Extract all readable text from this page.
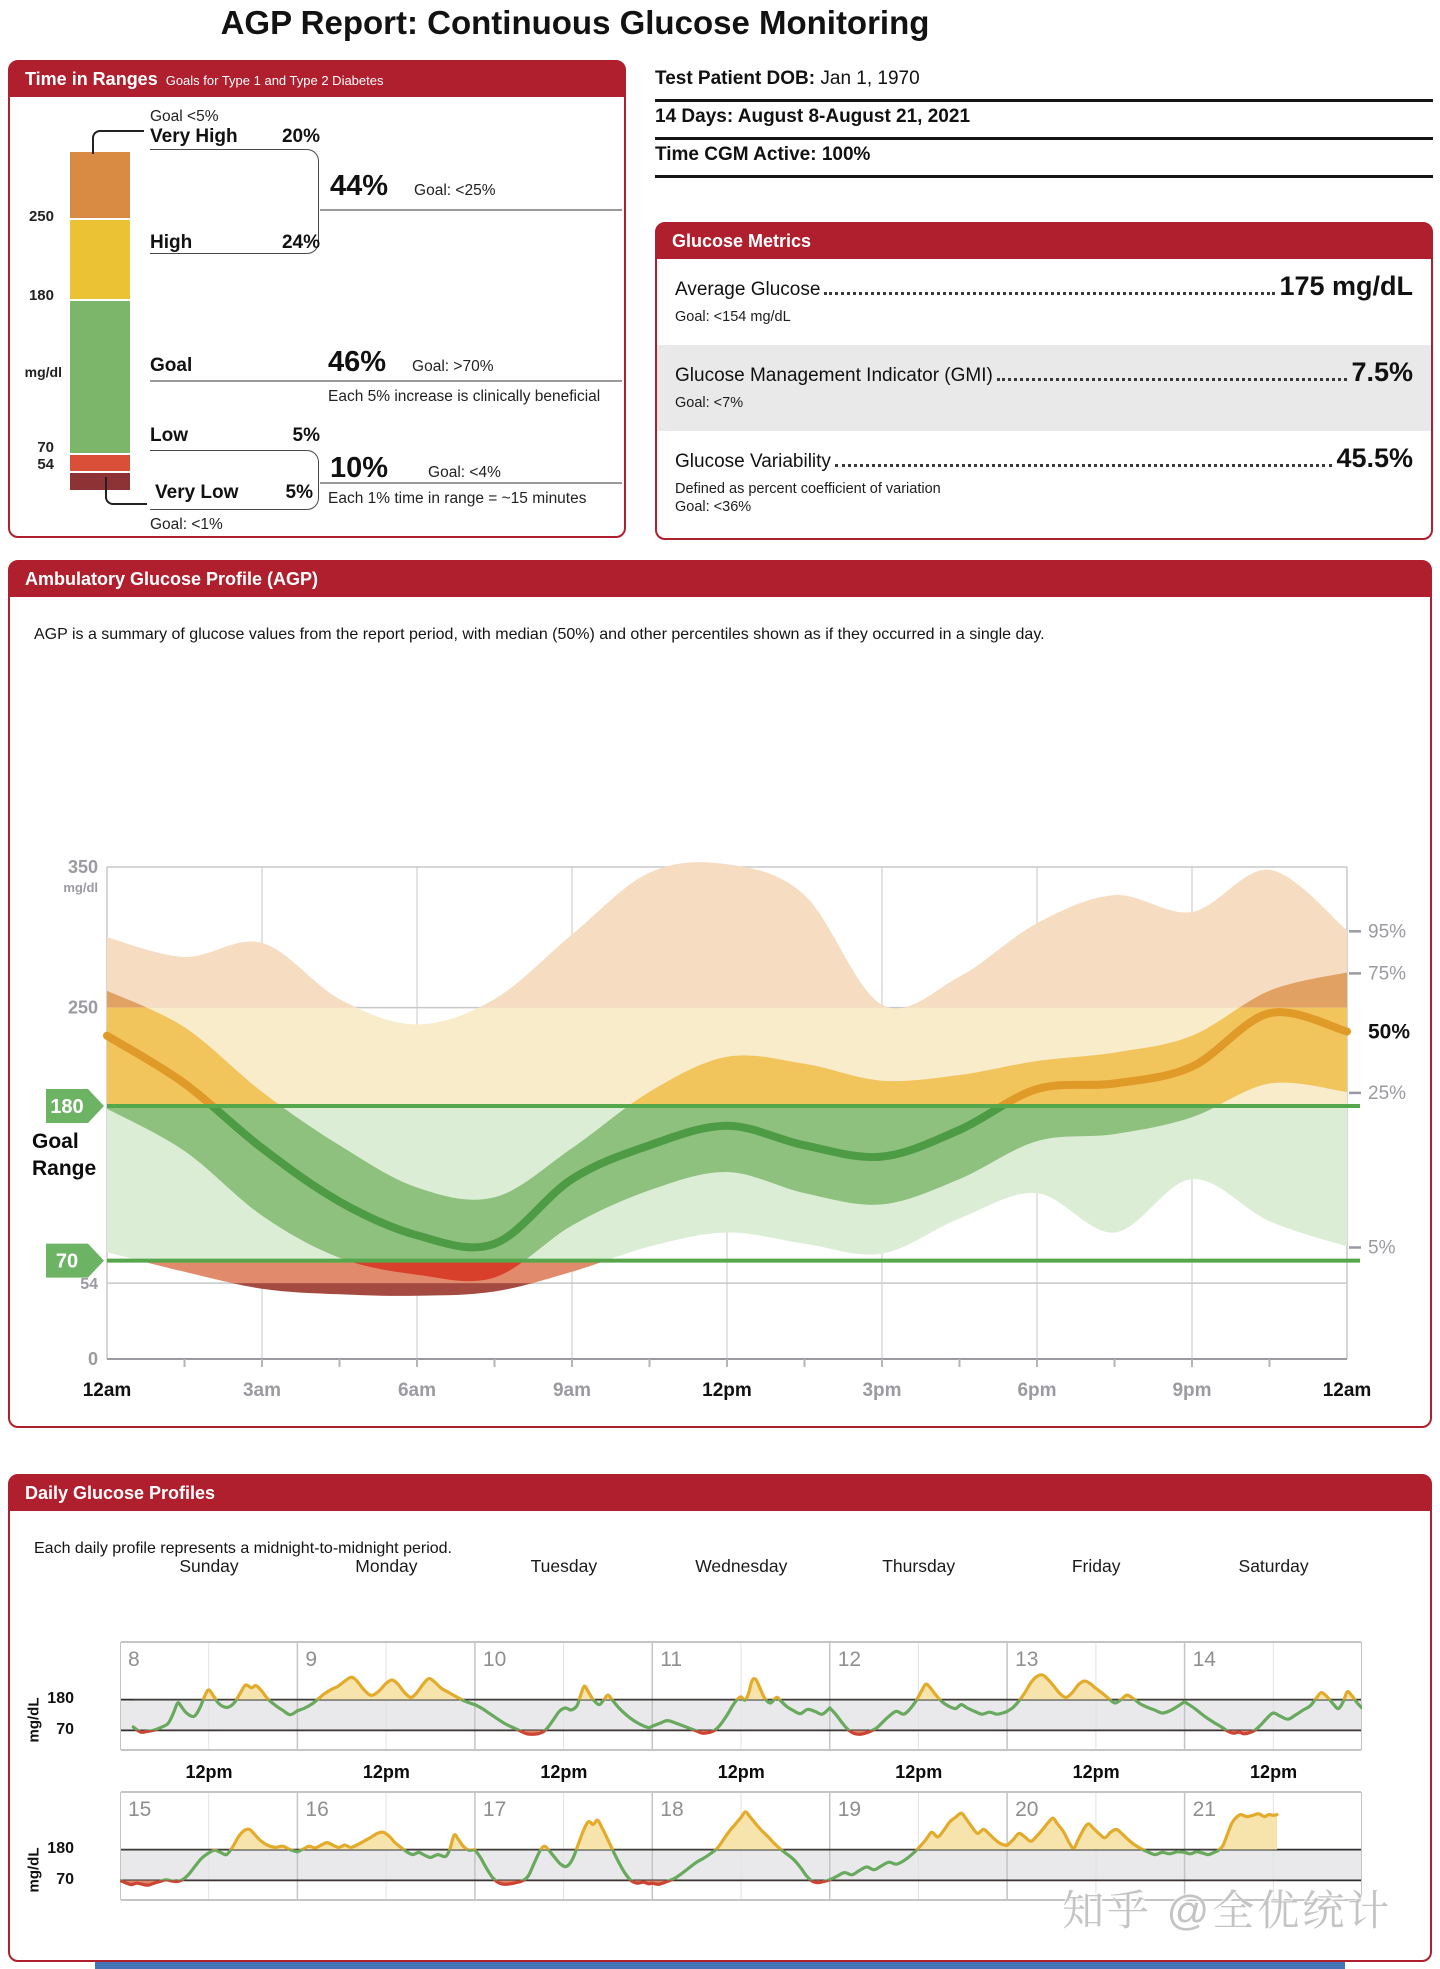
AGP Report: Continuous Glucose Monitoring
Time in Ranges Goals for Type 1 and Type 2 Diabetes
250
180
70
54
mg/dl
Goal <5%
Very High	20%
44% Goal: <25%
High	24%
Goal	46% Goal: >70%
Each 5% increase is clinically beneficial
Low	5%
10%	Goal: <4%
Each 1% time in range = ~15 minutes
Very Low	5%
Goal: <1%
Test Patient DOB: Jan 1, 1970
14 Days: August 8-August 21, 2021
Time CGM Active: 100%
Glucose Metrics
Average Glucose	175 mg/dL
Goal: <154 mg/dL
Glucose Management Indicator (GMI)	7.5%
Goal: <7%
Glucose Variability	45.5%
Defined as percent coefficient of variation
Goal: <36%
Ambulatory Glucose Profile (AGP)
AGP is a summary of glucose values from the report period, with median (50%) and other percentiles shown as if they occurred in a single day.
Goal
Range
350
mg/dl
250
54
0
180
70
95%
75%
50%
25%
5%
12am	3am	6am	9am	12pm	3pm	6pm	9pm	12am
Daily Glucose Profiles
Each daily profile represents a midnight-to-midnight period.
Sunday	Monday	Tuesday	Wednesday	Thursday	Friday	Saturday
8	9	10	11	12	13	14
12pm	12pm	12pm	12pm	12pm	12pm	12pm
15	16	17	18	19	20	21
180
70
mg/dL
180
70
mg/dL
知乎 @全优统计
